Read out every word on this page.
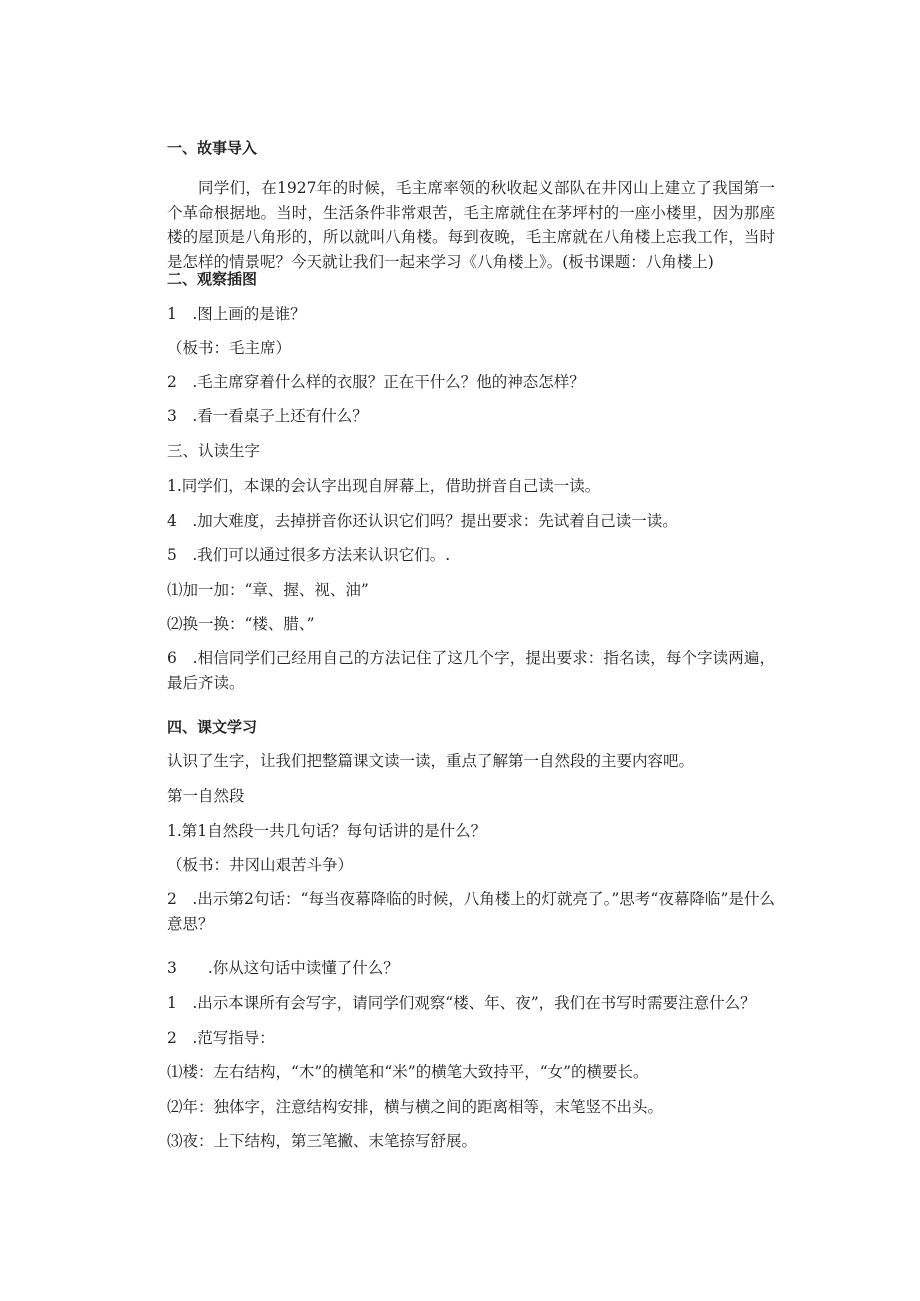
一、故事导入
同学们，在1927年的时候，毛主席率领的秋收起义部队在井冈山上建立了我国第一个革命根据地。当时，生活条件非常艰苦，毛主席就住在茅坪村的一座小楼里，因为那座楼的屋顶是八角形的，所以就叫八角楼。每到夜晚，毛主席就在八角楼上忘我工作，当时是怎样的情景呢？今天就让我们一起来学习《八角楼上》。(板书课题：八角楼上)
二、观察插图
1　.图上画的是谁？
（板书：毛主席）
2　.毛主席穿着什么样的衣服？正在干什么？他的神态怎样？
3　.看一看桌子上还有什么？
三、认读生字
1.同学们，本课的会认字出现自屏幕上，借助拼音自己读一读。
4　.加大难度，去掉拼音你还认识它们吗？提出要求：先试着自己读一读。
5　.我们可以通过很多方法来认识它们。.
⑴加一加：“章、握、视、油”
⑵换一换：“楼、腊、”
6　.相信同学们己经用自己的方法记住了这几个字，提出要求：指名读，每个字读两遍，最后齐读。
四、课文学习
认识了生字，让我们把整篇课文读一读，重点了解第一自然段的主要内容吧。
第一自然段
1.第1自然段一共几句话？每句话讲的是什么？
（板书：井冈山艰苦斗争）
2　.出示第2句话：“每当夜幕降临的时候，八角楼上的灯就亮了。”思考“夜幕降临”是什么意思？
3　　.你从这句话中读懂了什么？
1　.出示本课所有会写字，请同学们观察“楼、年、夜”，我们在书写时需要注意什么？
2　.范写指导：
⑴楼：左右结构，“木”的横笔和“米”的横笔大致持平，“女”的横要长。
⑵年：独体字，注意结构安排，横与横之间的距离相等，末笔竖不出头。
⑶夜：上下结构，第三笔撇、末笔捺写舒展。
